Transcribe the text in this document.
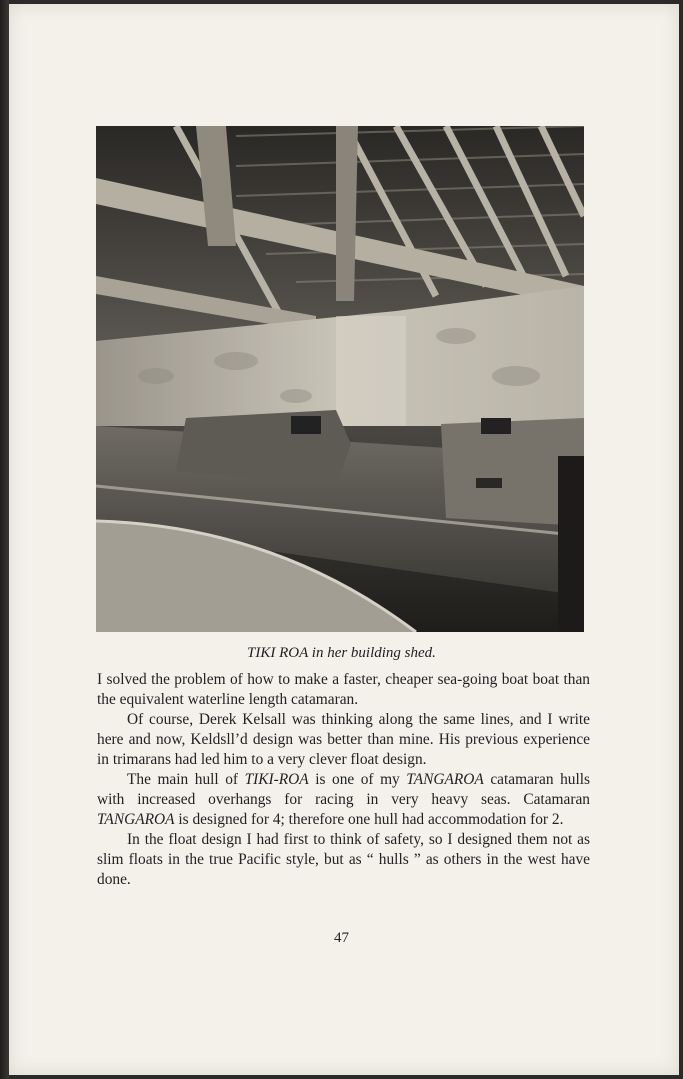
TIKI ROA in her building shed.

I solved the problem of how to make a faster, cheaper sea-going boat boat than the equivalent waterline length catamaran.

Of course, Derek Kelsall was thinking along the same lines, and I write here and now, Keldsll’d design was better than mine. His previous experience in trimarans had led him to a very clever float design.

The main hull of TIKI-ROA is one of my TANGAROA catamaran hulls with increased overhangs for racing in very heavy seas. Catamaran TANGAROA is designed for 4; therefore one hull had accommodation for 2.

In the float design I had first to think of safety, so I designed them not as slim floats in the true Pacific style, but as “ hulls ” as others in the west have done.

47
